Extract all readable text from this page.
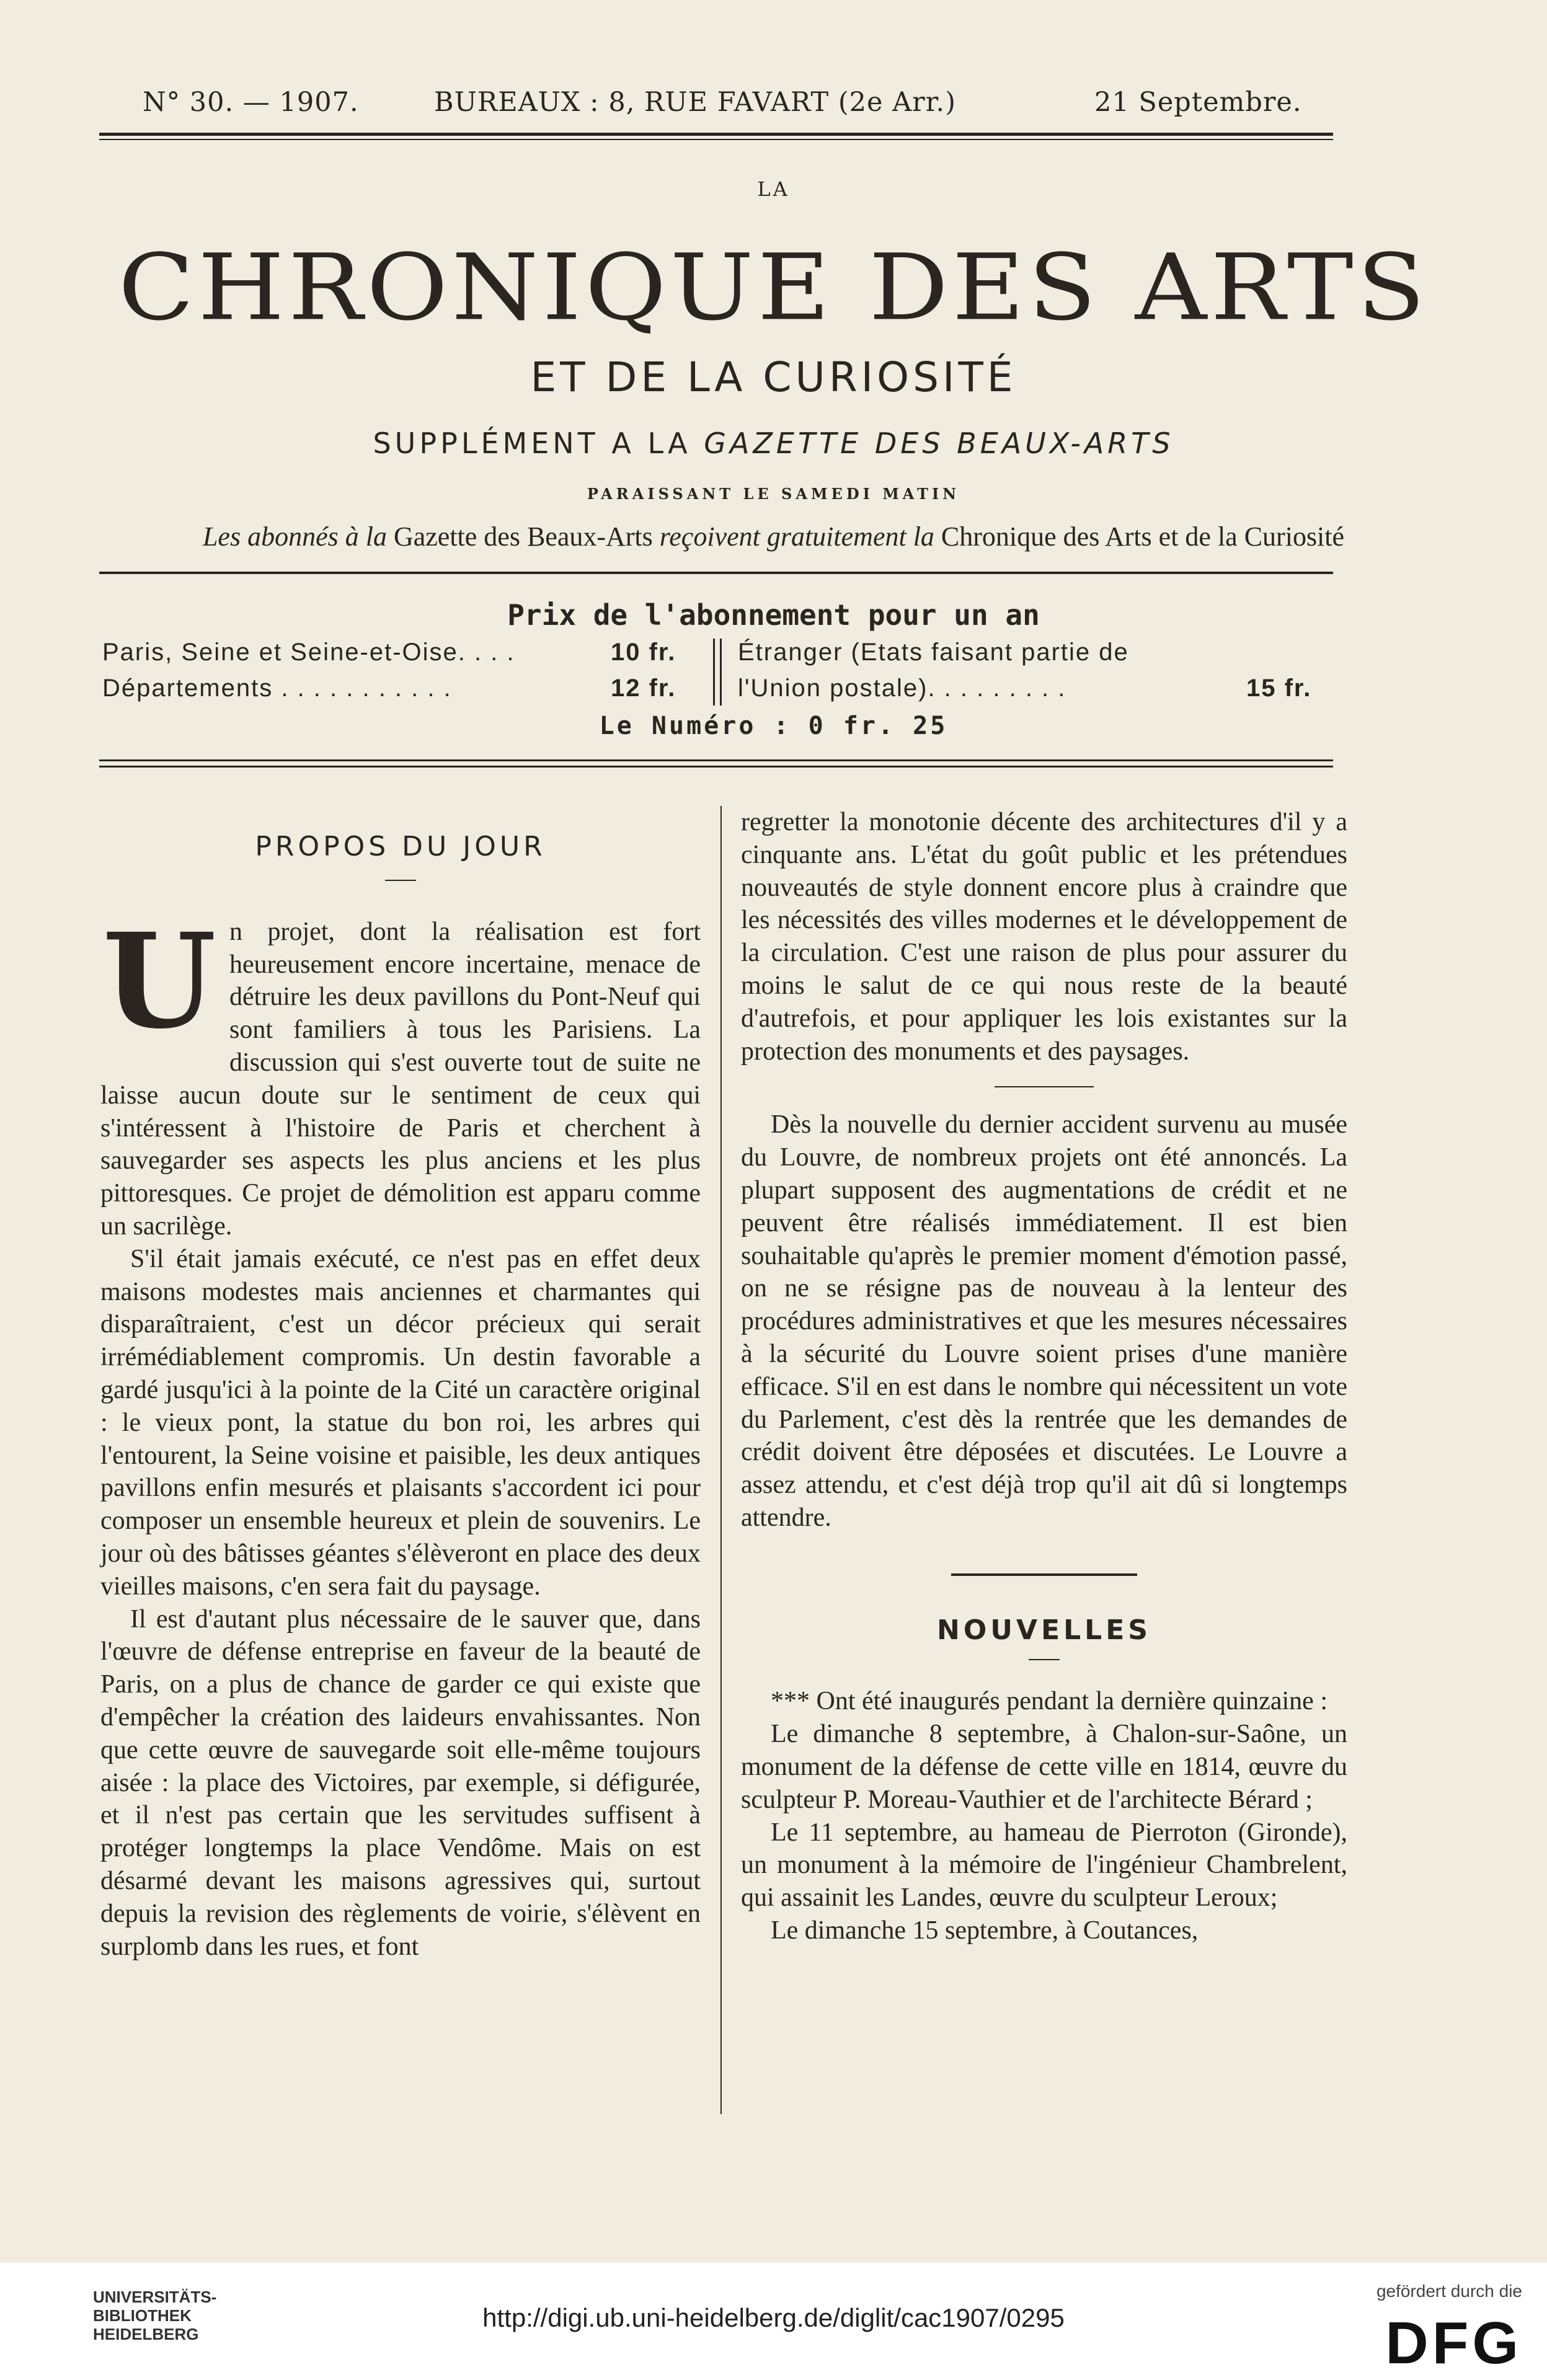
N° 30. — 1907.	BUREAUX : 8, RUE FAVART (2e Arr.)	21 Septembre.
LA
CHRONIQUE DES ARTS
ET DE LA CURIOSITÉ
SUPPLÉMENT A LA GAZETTE DES BEAUX-ARTS
PARAISSANT LE SAMEDI MATIN
Les abonnés à la Gazette des Beaux-Arts reçoivent gratuitement la Chronique des Arts et de la Curiosité
Prix de l'abonnement pour un an
Paris, Seine et Seine-et-Oise. . . .	10 fr.
Départements . . . . . . . . . . .	12 fr.
Étranger (Etats faisant partie de
l'Union postale). . . . . . . . .	15 fr.
Le Numéro : 0 fr. 25
PROPOS DU JOUR

Un projet, dont la réalisation est fort heureusement encore incertaine, menace de détruire les deux pavillons du Pont-Neuf qui sont familiers à tous les Parisiens. La discussion qui s'est ouverte tout de suite ne laisse aucun doute sur le sentiment de ceux qui s'intéressent à l'histoire de Paris et cherchent à sauvegarder ses aspects les plus anciens et les plus pittoresques. Ce projet de démolition est apparu comme un sacrilège.

S'il était jamais exécuté, ce n'est pas en effet deux maisons modestes mais anciennes et charmantes qui disparaîtraient, c'est un décor précieux qui serait irrémédiablement compromis. Un destin favorable a gardé jusqu'ici à la pointe de la Cité un caractère original : le vieux pont, la statue du bon roi, les arbres qui l'entourent, la Seine voisine et paisible, les deux antiques pavillons enfin mesurés et plaisants s'accordent ici pour composer un ensemble heureux et plein de souvenirs. Le jour où des bâtisses géantes s'élèveront en place des deux vieilles maisons, c'en sera fait du paysage.

Il est d'autant plus nécessaire de le sauver que, dans l'œuvre de défense entreprise en faveur de la beauté de Paris, on a plus de chance de garder ce qui existe que d'empêcher la création des laideurs envahissantes. Non que cette œuvre de sauvegarde soit elle-même toujours aisée : la place des Victoires, par exemple, si défigurée, et il n'est pas certain que les servitudes suffisent à protéger longtemps la place Vendôme. Mais on est désarmé devant les maisons agressives qui, surtout depuis la revision des règlements de voirie, s'élèvent en surplomb dans les rues, et font

regretter la monotonie décente des architectures d'il y a cinquante ans. L'état du goût public et les prétendues nouveautés de style donnent encore plus à craindre que les nécessités des villes modernes et le développement de la circulation. C'est une raison de plus pour assurer du moins le salut de ce qui nous reste de la beauté d'autrefois, et pour appliquer les lois existantes sur la protection des monuments et des paysages.

Dès la nouvelle du dernier accident survenu au musée du Louvre, de nombreux projets ont été annoncés. La plupart supposent des augmentations de crédit et ne peuvent être réalisés immédiatement. Il est bien souhaitable qu'après le premier moment d'émotion passé, on ne se résigne pas de nouveau à la lenteur des procédures administratives et que les mesures nécessaires à la sécurité du Louvre soient prises d'une manière efficace. S'il en est dans le nombre qui nécessitent un vote du Parlement, c'est dès la rentrée que les demandes de crédit doivent être déposées et discutées. Le Louvre a assez attendu, et c'est déjà trop qu'il ait dû si longtemps attendre.

NOUVELLES

*** Ont été inaugurés pendant la dernière quinzaine :

Le dimanche 8 septembre, à Chalon-sur-Saône, un monument de la défense de cette ville en 1814, œuvre du sculpteur P. Moreau-Vauthier et de l'architecte Bérard ;

Le 11 septembre, au hameau de Pierroton (Gironde), un monument à la mémoire de l'ingénieur Chambrelent, qui assainit les Landes, œuvre du sculpteur Leroux;

Le dimanche 15 septembre, à Coutances,

UNIVERSITÄTS-
BIBLIOTHEK
HEIDELBERG
http://digi.ub.uni-heidelberg.de/diglit/cac1907/0295
gefördert durch die
DFG
